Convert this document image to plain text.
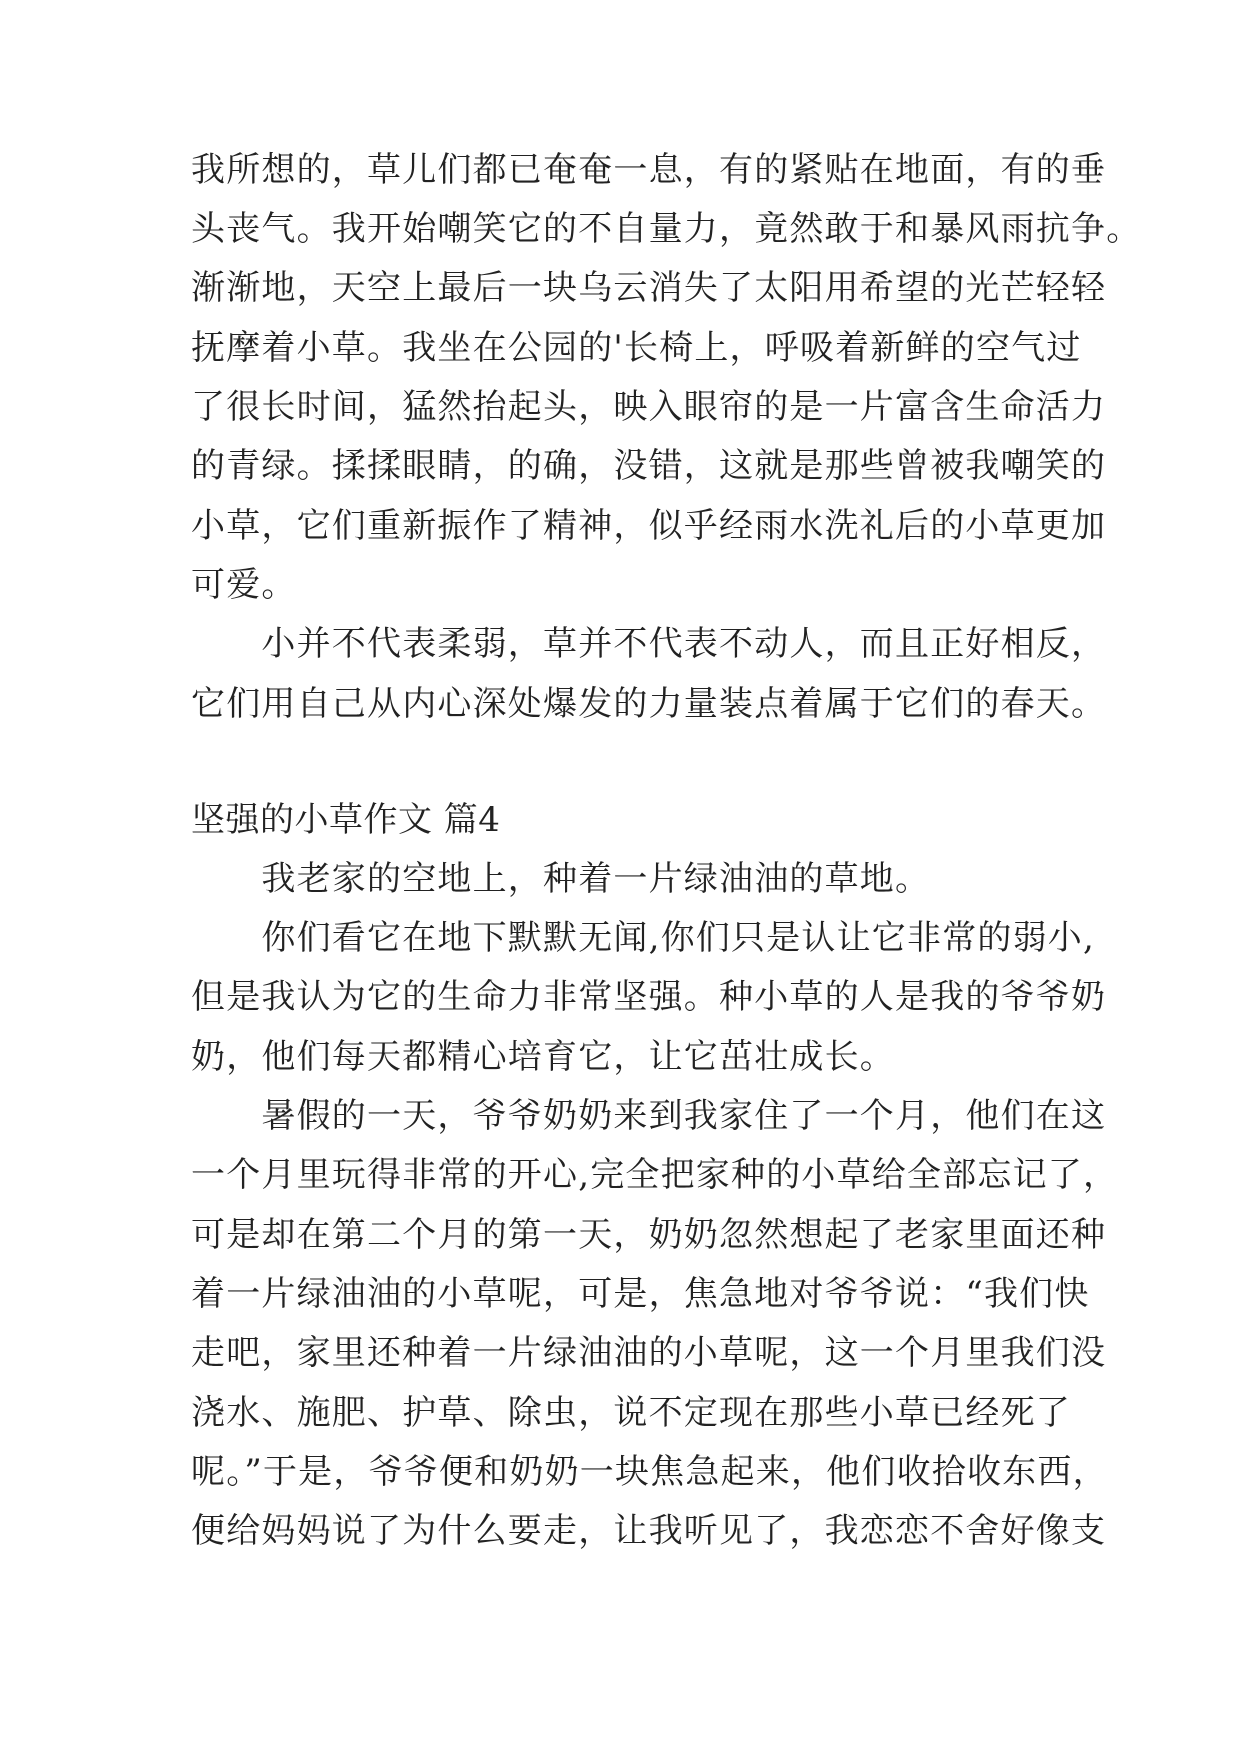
我所想的，草儿们都已奄奄一息，有的紧贴在地面，有的垂
头丧气。我开始嘲笑它的不自量力，竟然敢于和暴风雨抗争。
渐渐地，天空上最后一块乌云消失了太阳用希望的光芒轻轻
抚摩着小草。我坐在公园的'长椅上，呼吸着新鲜的空气过
了很长时间，猛然抬起头，映入眼帘的是一片富含生命活力
的青绿。揉揉眼睛，的确，没错，这就是那些曾被我嘲笑的
小草，它们重新振作了精神，似乎经雨水洗礼后的小草更加
可爱。
　　小并不代表柔弱，草并不代表不动人，而且正好相反，
它们用自己从内心深处爆发的力量装点着属于它们的春天。
坚强的小草作文 篇4
　　我老家的空地上，种着一片绿油油的草地。
　　你们看它在地下默默无闻,你们只是认让它非常的弱小,
但是我认为它的生命力非常坚强。种小草的人是我的爷爷奶
奶，他们每天都精心培育它，让它茁壮成长。
　　暑假的一天，爷爷奶奶来到我家住了一个月，他们在这
一个月里玩得非常的开心,完全把家种的小草给全部忘记了，
可是却在第二个月的第一天，奶奶忽然想起了老家里面还种
着一片绿油油的小草呢，可是，焦急地对爷爷说：“我们快
走吧，家里还种着一片绿油油的小草呢，这一个月里我们没
浇水、施肥、护草、除虫，说不定现在那些小草已经死了
呢。”于是，爷爷便和奶奶一块焦急起来，他们收拾收东西，
便给妈妈说了为什么要走，让我听见了，我恋恋不舍好像支
